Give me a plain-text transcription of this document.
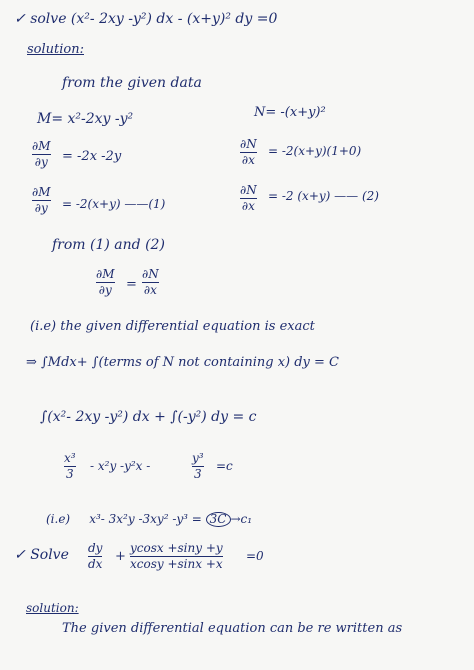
✓ solve (x²- 2xy -y²) dx - (x+y)² dy =0
solution:
from the given data
M= x²-2xy -y²	N= -(x+y)²
∂M
∂y = -2x -2y
∂N
∂x
= -2(x+y)(1+0)
∂M
∂y = -2(x+y) ——(1)
∂N
∂x
= -2 (x+y) —— (2)
from (1) and (2)
∂M
∂y =
∂N
∂x
(i.e) the given differential equation is exact
⇒ ∫Mdx+ ∫(terms of N not containing x) dy = C
∫(x²- 2xy -y²) dx + ∫(-y²) dy = c
x³
3
- x²y -y²x -
y³
3
=c
(i.e) x³- 3x²y -3xy² -y³ = 3C →c₁
✓ Solve dy
dx +
ycosx +siny +y
xcosy +sinx +x
=0
solution:
The given differential equation can be re written as
